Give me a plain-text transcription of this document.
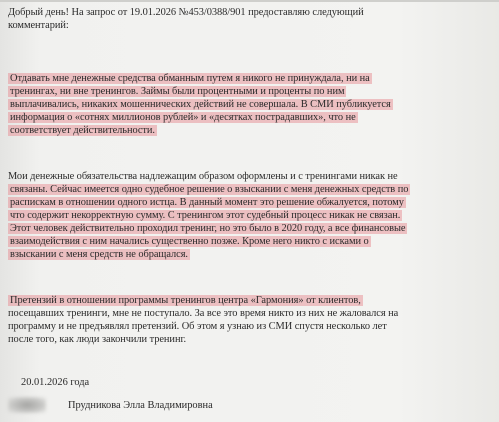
Добрый день! На запрос от 19.01.2026 №453/0388/901 предоставляю следующий
комментарий:
Отдавать мне денежные средства обманным путем я никого не принуждала, ни на
тренингах, ни вне тренингов. Займы были процентными и проценты по ним
выплачивались, никаких мошеннических действий не совершала. В СМИ публикуется
информация о «сотнях миллионов рублей» и «десятках пострадавших», что не
соответствует действительности.
Мои денежные обязательства надлежащим образом оформлены и с тренингами никак не
связаны. Сейчас имеется одно судебное решение о взыскании с меня денежных средств по
распискам в отношении одного истца. В данный момент это решение обжалуется, потому
что содержит некорректную сумму. С тренингом этот судебный процесс никак не связан.
Этот человек действительно проходил тренинг, но это было в 2020 году, а все финансовые
взаимодействия с ним начались существенно позже. Кроме него никто с исками о
взыскании с меня средств не обращался.
Претензий в отношении программы тренингов центра «Гармония» от клиентов,
посещавших тренинги, мне не поступало. За все это время никто из них не жаловался на
программу и не предъявлял претензий. Об этом я узнаю из СМИ спустя несколько лет
после того, как люди закончили тренинг.
20.01.2026 года
Прудникова Элла Владимировна
